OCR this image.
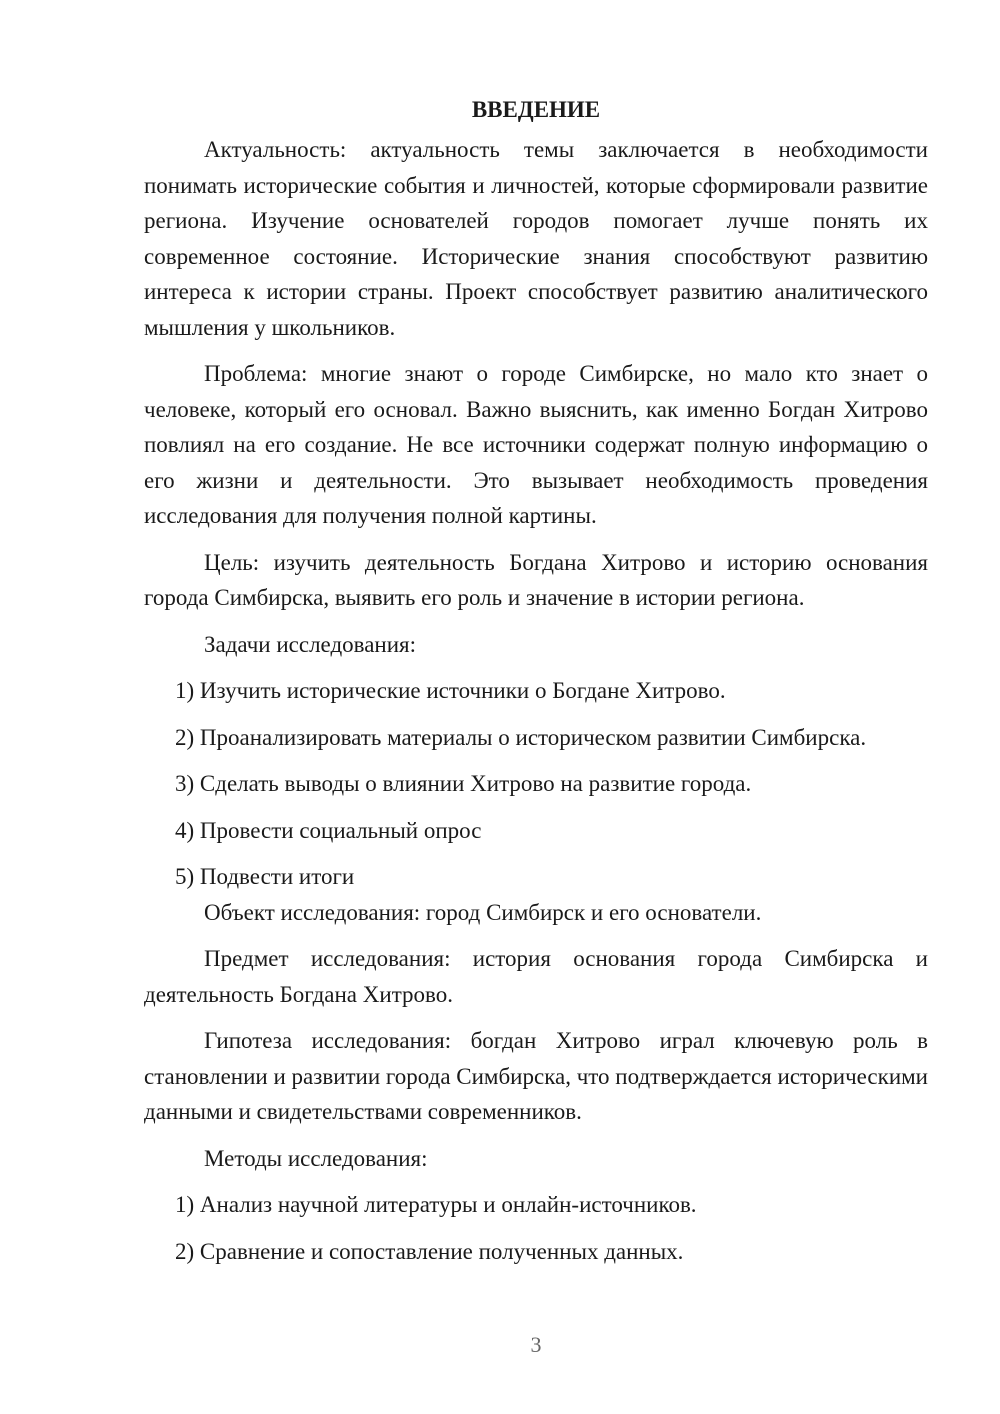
ВВЕДЕНИЕ

Актуальность: актуальность темы заключается в необходимости понимать исторические события и личностей, которые сформировали развитие региона. Изучение основателей городов помогает лучше понять их современное состояние. Исторические знания способствуют развитию интереса к истории страны. Проект способствует развитию аналитического мышления у школьников.

Проблема: многие знают о городе Симбирске, но мало кто знает о человеке, который его основал. Важно выяснить, как именно Богдан Хитрово повлиял на его создание. Не все источники содержат полную информацию о его жизни и деятельности. Это вызывает необходимость проведения исследования для получения полной картины.

Цель: изучить деятельность Богдана Хитрово и историю основания города Симбирска, выявить его роль и значение в истории региона.

Задачи исследования:

1) Изучить исторические источники о Богдане Хитрово.

2) Проанализировать материалы о историческом развитии Симбирска.

3) Сделать выводы о влиянии Хитрово на развитие города.

4) Провести социальный опрос

5) Подвести итоги

Объект исследования: город Симбирск и его основатели.

Предмет исследования: история основания города Симбирска и деятельность Богдана Хитрово.

Гипотеза исследования: богдан Хитрово играл ключевую роль в становлении и развитии города Симбирска, что подтверждается историческими данными и свидетельствами современников.

Методы исследования:

1) Анализ научной литературы и онлайн-источников.

2) Сравнение и сопоставление полученных данных.

3
